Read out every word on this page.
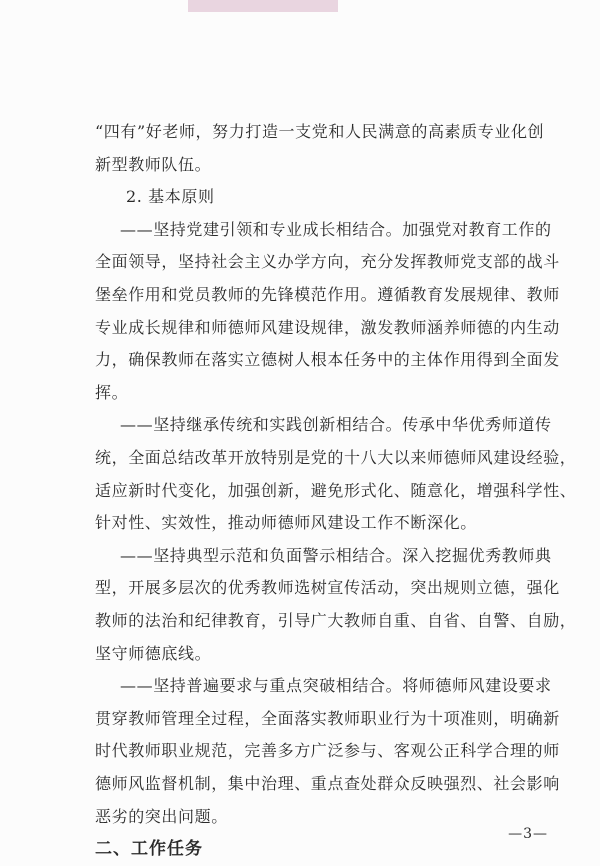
“四有”好老师，努力打造一支党和人民满意的高素质专业化创
新型教师队伍。
2. 基本原则
——坚持党建引领和专业成长相结合。加强党对教育工作的
全面领导，坚持社会主义办学方向，充分发挥教师党支部的战斗
堡垒作用和党员教师的先锋模范作用。遵循教育发展规律、教师
专业成长规律和师德师风建设规律，激发教师涵养师德的内生动
力，确保教师在落实立德树人根本任务中的主体作用得到全面发
挥。
——坚持继承传统和实践创新相结合。传承中华优秀师道传
统，全面总结改革开放特别是党的十八大以来师德师风建设经验，
适应新时代变化，加强创新，避免形式化、随意化，增强科学性、
针对性、实效性，推动师德师风建设工作不断深化。
——坚持典型示范和负面警示相结合。深入挖掘优秀教师典
型，开展多层次的优秀教师选树宣传活动，突出规则立德，强化
教师的法治和纪律教育，引导广大教师自重、自省、自警、自励，
坚守师德底线。
——坚持普遍要求与重点突破相结合。将师德师风建设要求
贯穿教师管理全过程，全面落实教师职业行为十项准则，明确新
时代教师职业规范，完善多方广泛参与、客观公正科学合理的师
德师风监督机制，集中治理、重点查处群众反映强烈、社会影响
恶劣的突出问题。
二、工作任务
—3—
